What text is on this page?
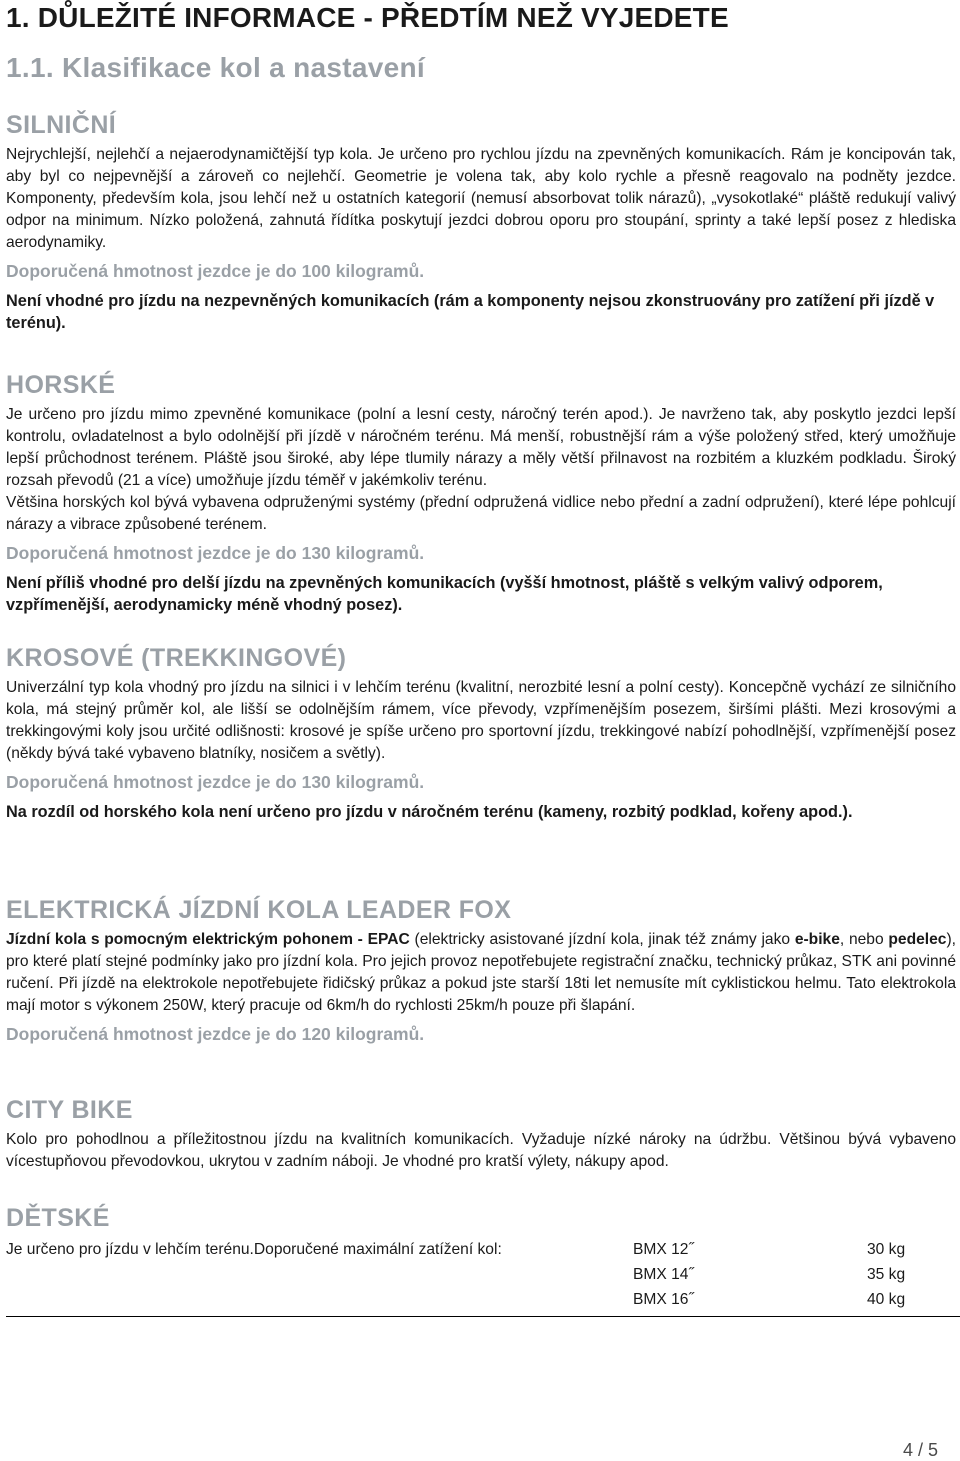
1. DŮLEŽITÉ INFORMACE - PŘEDTÍM NEŽ VYJEDETE
1.1. Klasifikace kol a nastavení
SILNIČNÍ

Nejrychlejší, nejlehčí a nejaerodynamičtější typ kola. Je určeno pro rychlou jízdu na zpevněných komunikacích. Rám je koncipován tak, aby byl co nejpevnější a zároveň co nejlehčí. Geometrie je volena tak, aby kolo rychle a přesně reagovalo na podněty jezdce. Komponenty, především kola, jsou lehčí než u ostatních kategorií (nemusí absorbovat tolik nárazů), „vysokotlaké“ pláště redukují valivý odpor na minimum. Nízko položená, zahnutá řídítka poskytují jezdci dobrou oporu pro stoupání, sprinty a také lepší posez z hlediska aerodynamiky.

Doporučená hmotnost jezdce je do 100 kilogramů.

Není vhodné pro jízdu na nezpevněných komunikacích (rám a komponenty nejsou zkonstruovány pro zatížení při jízdě v terénu).

HORSKÉ

Je určeno pro jízdu mimo zpevněné komunikace (polní a lesní cesty, náročný terén apod.). Je navrženo tak, aby poskytlo jezdci lepší kontrolu, ovladatelnost a bylo odolnější při jízdě v náročném terénu. Má menší, robustnější rám a výše položený střed, který umožňuje lepší průchodnost terénem. Pláště jsou široké, aby lépe tlumily nárazy a měly větší přilnavost na rozbitém a kluzkém podkladu. Široký rozsah převodů (21 a více) umožňuje jízdu téměř v jakémkoliv terénu.

Většina horských kol bývá vybavena odpruženými systémy (přední odpružená vidlice nebo přední a zadní odpružení), které lépe pohlcují nárazy a vibrace způsobené terénem.

Doporučená hmotnost jezdce je do 130 kilogramů.

Není příliš vhodné pro delší jízdu na zpevněných komunikacích (vyšší hmotnost, pláště s velkým valivý odporem, vzpřímenější, aerodynamicky méně vhodný posez).

KROSOVÉ (TREKKINGOVÉ)

Univerzální typ kola vhodný pro jízdu na silnici i v lehčím terénu (kvalitní, nerozbité lesní a polní cesty). Koncepčně vychází ze silničního kola, má stejný průměr kol, ale lišší se odolnějším rámem, více převody, vzpřímenějším posezem, širšími plášti. Mezi krosovými a trekkingovými koly jsou určité odlišnosti: krosové je spíše určeno pro sportovní jízdu, trekkingové nabízí pohodlnější, vzpřímenější posez (někdy bývá také vybaveno blatníky, nosičem a světly).

Doporučená hmotnost jezdce je do 130 kilogramů.

Na rozdíl od horského kola není určeno pro jízdu v náročném terénu (kameny, rozbitý podklad, kořeny apod.).

ELEKTRICKÁ JÍZDNÍ KOLA LEADER FOX

Jízdní kola s pomocným elektrickým pohonem - EPAC (elektricky asistované jízdní kola, jinak též známy jako e-bike, nebo pedelec), pro které platí stejné podmínky jako pro jízdní kola. Pro jejich provoz nepotřebujete registrační značku, technický průkaz, STK ani povinné ručení. Při jízdě na elektrokole nepotřebujete řidičský průkaz a pokud jste starší 18ti let nemusíte mít cyklistickou helmu. Tato elektrokola mají motor s výkonem 250W, který pracuje od 6km/h do rychlosti 25km/h pouze při šlapání.

Doporučená hmotnost jezdce je do 120 kilogramů.

CITY BIKE

Kolo pro pohodlnou a příležitostnou jízdu na kvalitních komunikacích. Vyžaduje nízké nároky na údržbu. Většinou bývá vybaveno vícestupňovou převodovkou, ukrytou v zadním náboji. Je vhodné pro kratší výlety, nákupy apod.

DĚTSKÉ
Je určeno pro jízdu v lehčím terénu.Doporučené maximální zatížení kol:	BMX 12˝	30 kg
BMX 14˝	35 kg
BMX 16˝	40 kg
4 / 5
